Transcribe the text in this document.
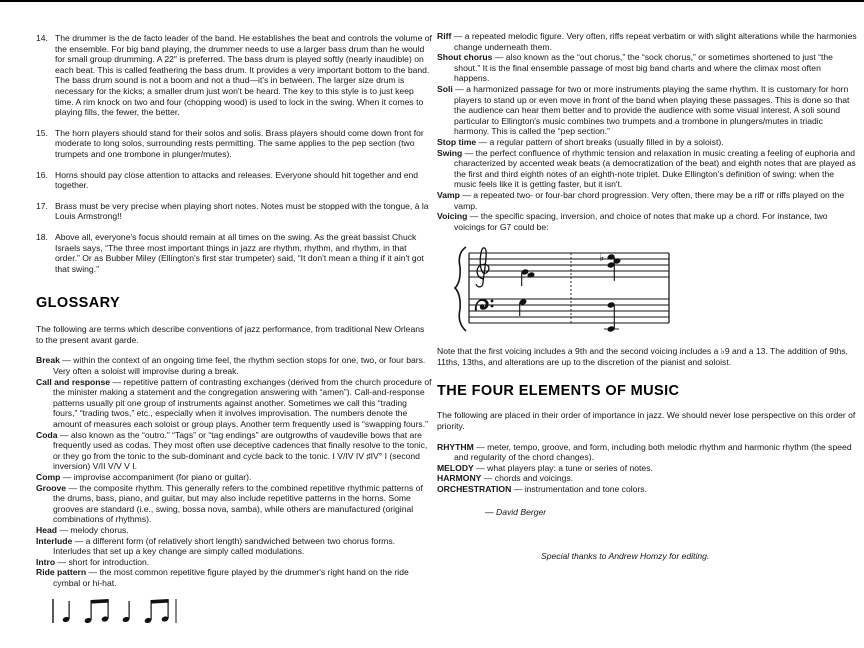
14. The drummer is the de facto leader of the band. He establishes the beat and controls the volume of the ensemble. For big band playing, the drummer needs to use a larger bass drum than he would for small group drumming. A 22″ is preferred. The bass drum is played softly (nearly inaudible) on each beat. This is called feathering the bass drum. It provides a very important bottom to the band. The bass drum sound is not a boom and not a thud—it's in between. The larger size drum is necessary for the kicks; a smaller drum just won't be heard. The key to this style is to just keep time. A rim knock on two and four (chopping wood) is used to lock in the swing. When it comes to playing fills, the fewer, the better.
15. The horn players should stand for their solos and solis. Brass players should come down front for moderate to long solos, surrounding rests permitting. The same applies to the pep section (two trumpets and one trombone in plunger/mutes).
16. Horns should pay close attention to attacks and releases. Everyone should hit together and end together.
17. Brass must be very precise when playing short notes. Notes must be stopped with the tongue, à la Louis Armstrong!!
18. Above all, everyone's focus should remain at all times on the swing. As the great bassist Chuck Israels says, “The three most important things in jazz are rhythm, rhythm, and rhythm, in that order.” Or as Bubber Miley (Ellington's first star trumpeter) said, “It don't mean a thing if it ain't got that swing.”
GLOSSARY

The following are terms which describe conventions of jazz performance, from traditional New Orleans to the present avant garde.

Break — within the context of an ongoing time feel, the rhythm section stops for one, two, or four bars. Very often a soloist will improvise during a break.

Call and response — repetitive pattern of contrasting exchanges (derived from the church procedure of the minister making a statement and the congregation answering with “amen”). Call-and-response patterns usually pit one group of instruments against another. Sometimes we call this “trading fours,” “trading twos,” etc., especially when it involves improvisation. The numbers denote the amount of measures each soloist or group plays. Another term frequently used is “swapping fours.”

Coda — also known as the “outro.” “Tags” or “tag endings” are outgrowths of vaudeville bows that are frequently used as codas. They most often use deceptive cadences that finally resolve to the tonic, or they go from the tonic to the sub-dominant and cycle back to the tonic. I V/IV IV ♯IV° I (second inversion) V/II V/V V I.

Comp — improvise accompaniment (for piano or guitar).

Groove — the composite rhythm. This generally refers to the combined repetitive rhythmic patterns of the drums, bass, piano, and guitar, but may also include repetitive patterns in the horns. Some grooves are standard (i.e., swing, bossa nova, samba), while others are manufactured (original combinations of rhythms).

Head — melody chorus.

Interlude — a different form (of relatively short length) sandwiched between two chorus forms. Interludes that set up a key change are simply called modulations.

Intro — short for introduction.

Ride pattern — the most common repetitive figure played by the drummer's right hand on the ride cymbal or hi-hat.

Riff — a repeated melodic figure. Very often, riffs repeat verbatim or with slight alterations while the harmonies change underneath them.

Shout chorus — also known as the “out chorus,” the “sock chorus,” or sometimes shortened to just “the shout.” It is the final ensemble passage of most big band charts and where the climax most often happens.

Soli — a harmonized passage for two or more instruments playing the same rhythm. It is customary for horn players to stand up or even move in front of the band when playing these passages. This is done so that the audience can hear them better and to provide the audience with some visual interest. A soli sound particular to Ellington's music combines two trumpets and a trombone in plungers/mutes in triadic harmony. This is called the “pep section.”

Stop time — a regular pattern of short breaks (usually filled in by a soloist).

Swing — the perfect confluence of rhythmic tension and relaxation in music creating a feeling of euphoria and characterized by accented weak beats (a democratization of the beat) and eighth notes that are played as the first and third eighth notes of an eighth-note triplet. Duke Ellington's definition of swing: when the music feels like it is getting faster, but it isn't.

Vamp — a repeated two- or four-bar chord progression. Very often, there may be a riff or riffs played on the vamp.

Voicing — the specific spacing, inversion, and choice of notes that make up a chord. For instance, two voicings for G7 could be:

♭

Note that the first voicing includes a 9th and the second voicing includes a ♭9 and a 13. The addition of 9ths, 11ths, 13ths, and alterations are up to the discretion of the pianist and soloist.

THE FOUR ELEMENTS OF MUSIC

The following are placed in their order of importance in jazz. We should never lose perspective on this order of priority.

RHYTHM — meter, tempo, groove, and form, including both melodic rhythm and harmonic rhythm (the speed and regularity of the chord changes).

MELODY — what players play: a tune or series of notes.

HARMONY — chords and voicings.

ORCHESTRATION — instrumentation and tone colors.

— David Berger

Special thanks to Andrew Homzy for editing.
